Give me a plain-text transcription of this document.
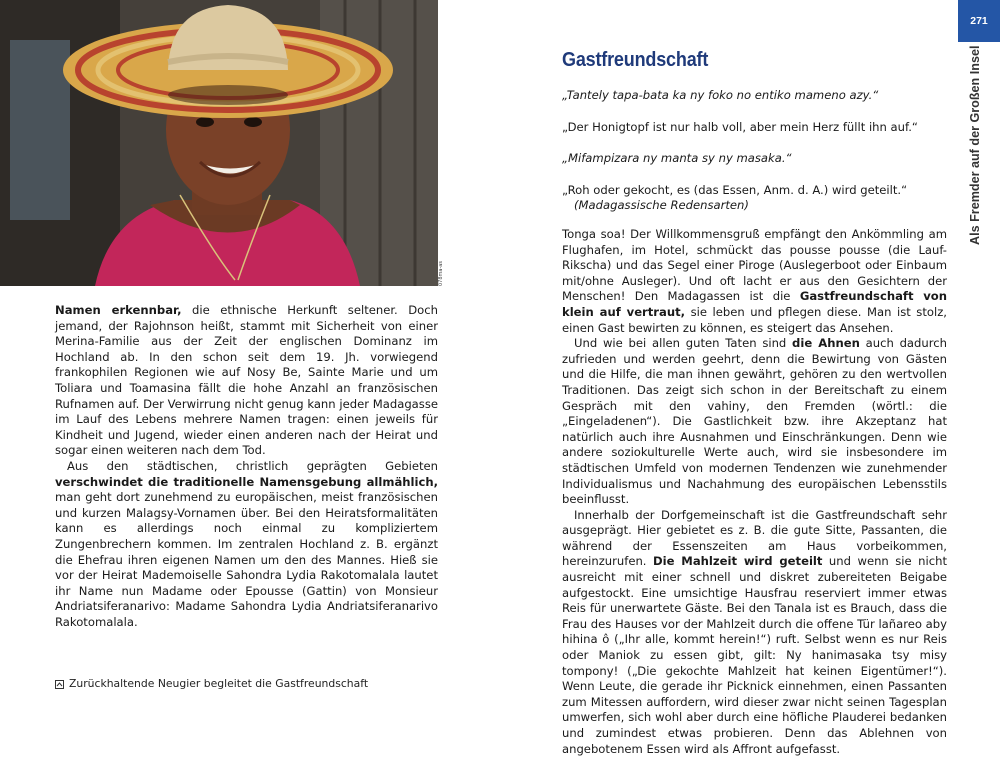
078ma-as

Namen erkennbar, die ethnische Herkunft seltener. Doch jemand, der Rajohnson heißt, stammt mit Sicherheit von einer Merina-Familie aus der Zeit der englischen Dominanz im Hochland ab. In den schon seit dem 19. Jh. vorwiegend frankophilen Regionen wie auf Nosy Be, Sainte Marie und um Toliara und Toamasina fällt die hohe Anzahl an französischen Rufnamen auf. Der Verwirrung nicht genug kann jeder Madagasse im Lauf des Lebens mehrere Namen tragen: einen jeweils für Kindheit und Jugend, wieder einen anderen nach der Heirat und sogar einen weiteren nach dem Tod.

Aus den städtischen, christlich geprägten Gebieten verschwindet die traditionelle Namensgebung allmählich, man geht dort zunehmend zu europäischen, meist französischen und kurzen Malagsy-Vornamen über. Bei den Heiratsformalitäten kann es allerdings noch einmal zu kompliziertem Zungenbrechern kommen. Im zentralen Hochland z. B. ergänzt die Ehefrau ihren eigenen Namen um den des Mannes. Hieß sie vor der Heirat Mademoiselle Sahondra Lydia Rakotomalala lautet ihr Name nun Madame oder Epousse (Gattin) von Monsieur Andriatsiferanarivo: Madame Sahondra Lydia Andriatsiferanarivo Rakotomalala.

Zurückhaltende Neugier begleitet die Gastfreundschaft
Gastfreundschaft

„Tantely tapa-bata ka ny foko no entiko mameno azy.“

„Der Honigtopf ist nur halb voll, aber mein Herz füllt ihn auf.“

„Mifampizara ny manta sy ny masaka.“

„Roh oder gekocht, es (das Essen, Anm. d. A.) wird geteilt.“
(Madagassische Redensarten)

Tonga soa! Der Willkommensgruß empfängt den Ankömmling am Flughafen, im Hotel, schmückt das pousse pousse (die Lauf-Rikscha) und das Segel einer Piroge (Auslegerboot oder Einbaum mit/ohne Ausleger). Und oft lacht er aus den Gesichtern der Menschen! Den Madagassen ist die Gastfreundschaft von klein auf vertraut, sie leben und pflegen diese. Man ist stolz, einen Gast bewirten zu können, es steigert das Ansehen.

Und wie bei allen guten Taten sind die Ahnen auch dadurch zufrieden und werden geehrt, denn die Bewirtung von Gästen und die Hilfe, die man ihnen gewährt, gehören zu den wertvollen Traditionen. Das zeigt sich schon in der Bereitschaft zu einem Gespräch mit den vahiny, den Fremden (wörtl.: die „Eingeladenen“). Die Gastlichkeit bzw. ihre Akzeptanz hat natürlich auch ihre Ausnahmen und Einschränkungen. Denn wie andere soziokulturelle Werte auch, wird sie insbesondere im städtischen Umfeld von modernen Tendenzen wie zunehmender Individualismus und Nachahmung des europäischen Lebensstils beeinflusst.

Innerhalb der Dorfgemeinschaft ist die Gastfreundschaft sehr ausgeprägt. Hier gebietet es z. B. die gute Sitte, Passanten, die während der Essenszeiten am Haus vorbeikommen, hereinzurufen. Die Mahlzeit wird geteilt und wenn sie nicht ausreicht mit einer schnell und diskret zubereiteten Beigabe aufgestockt. Eine umsichtige Hausfrau reserviert immer etwas Reis für unerwartete Gäste. Bei den Tanala ist es Brauch, dass die Frau des Hauses vor der Mahlzeit durch die offene Tür lañareo aby hihina ô („Ihr alle, kommt herein!“) ruft. Selbst wenn es nur Reis oder Maniok zu essen gibt, gilt: Ny hanimasaka tsy misy tompony! („Die gekochte Mahlzeit hat keinen Eigentümer!“). Wenn Leute, die gerade ihr Picknick einnehmen, einen Passanten zum Mitessen auffordern, wird dieser zwar nicht seinen Tagesplan umwerfen, sich wohl aber durch eine höfliche Plauderei bedanken und zumindest etwas probieren. Denn das Ablehnen von angebotenem Essen wird als Affront aufgefasst.

271
Als Fremder auf der Großen Insel
